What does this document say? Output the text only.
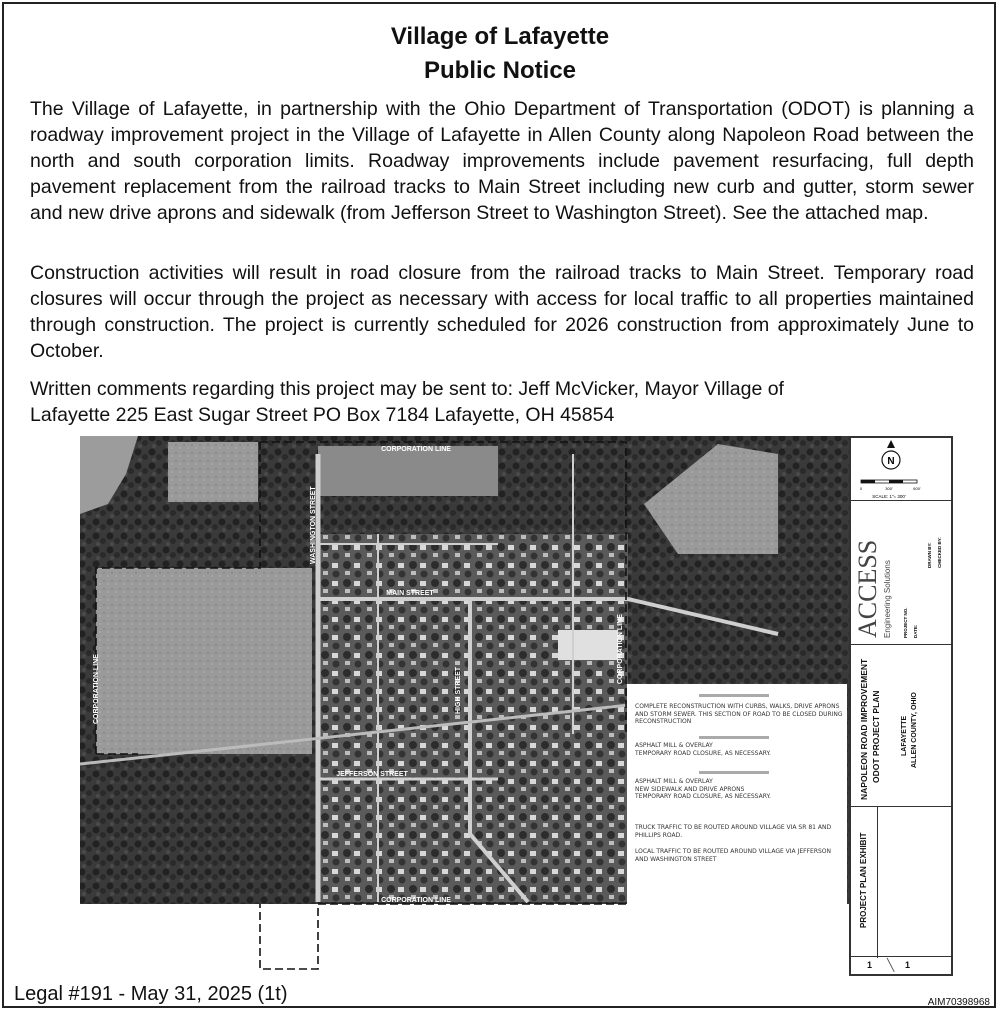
Village of Lafayette
Public Notice

The Village of Lafayette, in partnership with the Ohio Department of Transportation (ODOT) is planning a roadway improvement project in the Village of Lafayette in Allen County along Napoleon Road between the north and south corporation limits. Roadway improvements include pavement resurfacing, full depth pavement replacement from the railroad tracks to Main Street including new curb and gutter, storm sewer and new drive aprons and sidewalk (from Jefferson Street to Washington Street). See the attached map.

Construction activities will result in road closure from the railroad tracks to Main Street. Temporary road closures will occur through the project as necessary with access for local traffic to all properties maintained through construction. The project is currently scheduled for 2026 construction from approximately June to October.

Written comments regarding this project may be sent to: Jeff McVicker, Mayor Village of
Lafayette 225 East Sugar Street PO Box 7184 Lafayette, OH 45854

CORPORATION LINE
CORPORATION LINE
MAIN STREET
JEFFERSON STREET
WASHINGTON STREET
HIGH STREET
CORPORATION LINE
CORPORATION LINE
COMPLETE RECONSTRUCTION WITH CURBS, WALKS, DRIVE APRONS AND STORM SEWER. THIS SECTION OF ROAD TO BE CLOSED DURING RECONSTRUCTION
ASPHALT MILL & OVERLAY
TEMPORARY ROAD CLOSURE, AS NECESSARY.
ASPHALT MILL & OVERLAY
NEW SIDEWALK AND DRIVE APRONS
TEMPORARY ROAD CLOSURE, AS NECESSARY.
TRUCK TRAFFIC TO BE ROUTED AROUND VILLAGE VIA SR 81 AND PHILLIPS ROAD.
LOCAL TRAFFIC TO BE ROUTED AROUND VILLAGE VIA JEFFERSON AND WASHINGTON STREET
N
0	300'	600'
SCALE: 1"= 300'
ACCESS Engineering Solutions PROJECT NO. DATE:
DRAWN BY: CHECKED BY:
NAPOLEON ROAD IMPROVEMENT ODOT PROJECT PLAN	LAFAYETTE ALLEN COUNTY, OHIO
PROJECT PLAN EXHIBIT
1 ╲ 1
Legal #191 - May 31, 2025 (1t)	AIM70398968
